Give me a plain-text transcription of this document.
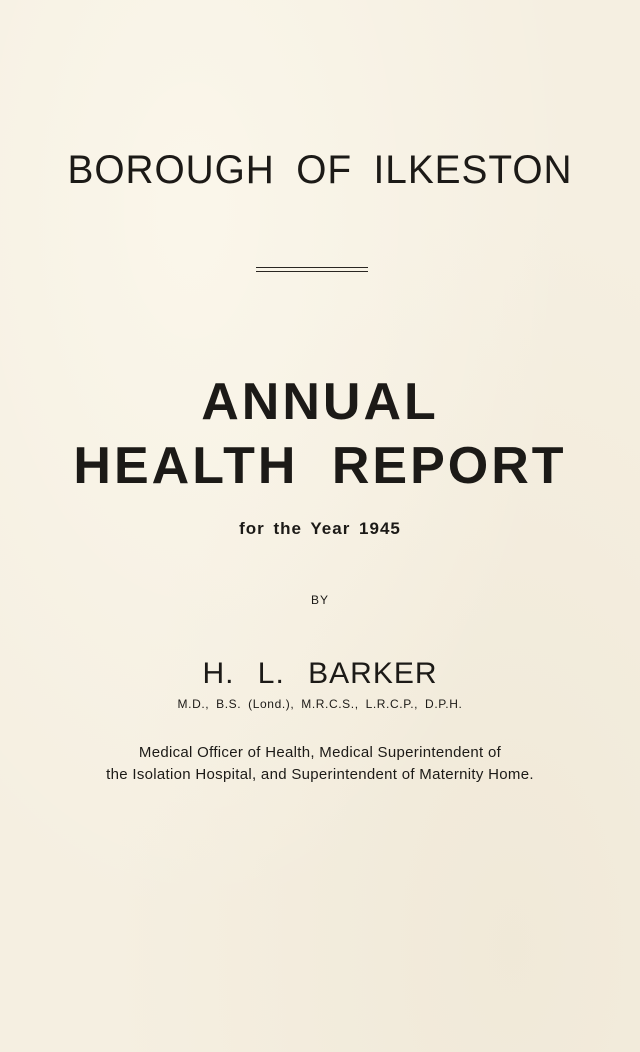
BOROUGH OF ILKESTON
ANNUAL
HEALTH REPORT
for the Year 1945
BY
H. L. BARKER
M.D., B.S. (Lond.), M.R.C.S., L.R.C.P., D.P.H.
Medical Officer of Health, Medical Superintendent of
the Isolation Hospital, and Superintendent of Maternity Home.
